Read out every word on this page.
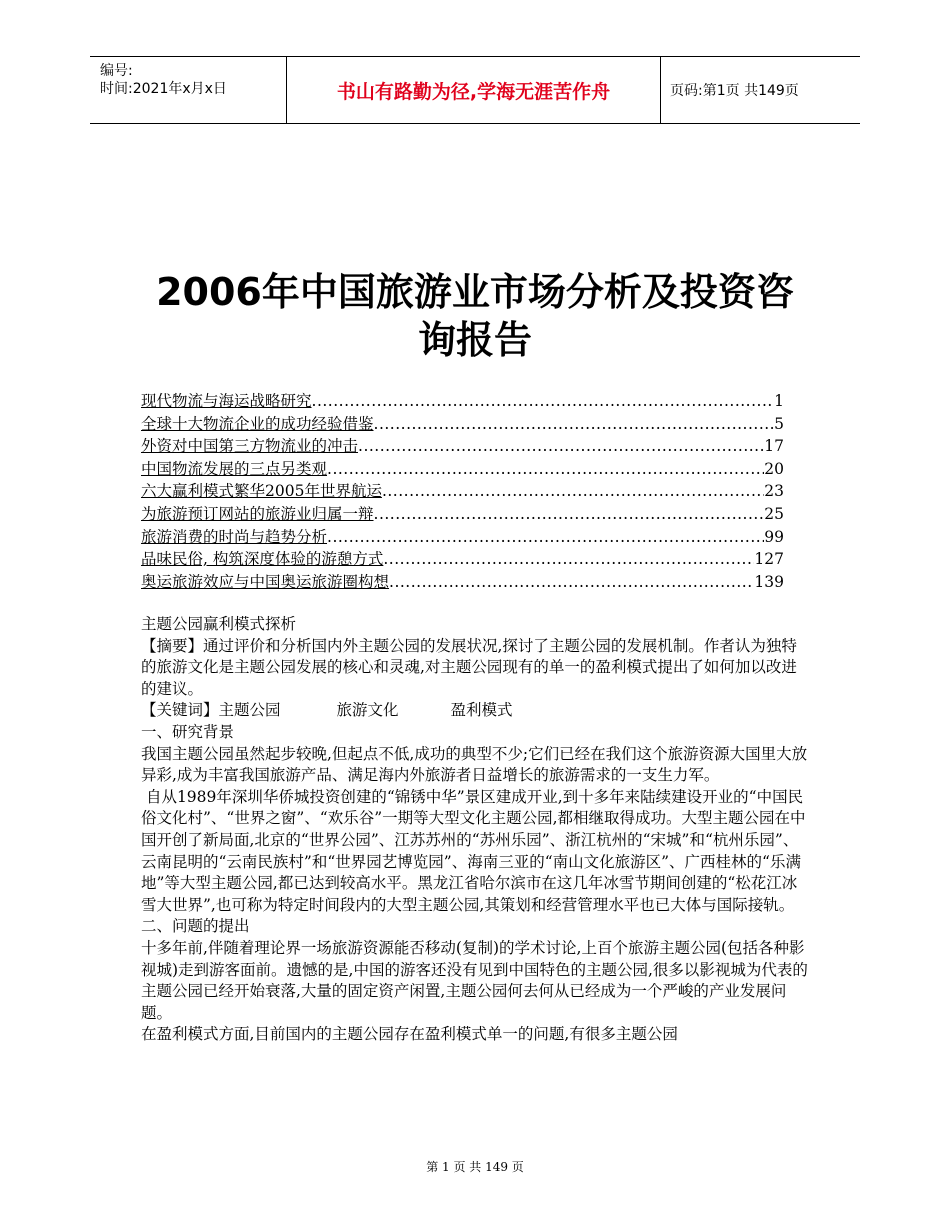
编号:
时间:2021年x月x日	书山有路勤为径,学海无涯苦作舟	页码:第1页 共149页
2006年中国旅游业市场分析及投资咨
询报告
现代物流与海运战略研究 .....	1
全球十大物流企业的成功经验借鉴 .....	5
外资对中国第三方物流业的冲击 .....	17
中国物流发展的三点另类观 .....	20
六大赢利模式繁华2005年世界航运 .....	23
为旅游预订网站的旅游业归属一辩 .....	25
旅游消费的时尚与趋势分析 .....	99
品味民俗, 构筑深度体验的游憩方式 .....	127
奥运旅游效应与中国奥运旅游圈构想 .....	139

主题公园赢利模式探析

【摘要】通过评价和分析国内外主题公园的发展状况,探讨了主题公园的发展机制。作者认为独特的旅游文化是主题公园发展的核心和灵魂,对主题公园现有的单一的盈利模式提出了如何加以改进的建议。

【关键词】主题公园	旅游文化	盈利模式

一、研究背景

我国主题公园虽然起步较晚,但起点不低,成功的典型不少;它们已经在我们这个旅游资源大国里大放异彩,成为丰富我国旅游产品、满足海内外旅游者日益增长的旅游需求的一支生力军。

自从1989年深圳华侨城投资创建的“锦锈中华”景区建成开业,到十多年来陆续建设开业的“中国民俗文化村”、“世界之窗”、“欢乐谷”一期等大型文化主题公园,都相继取得成功。大型主题公园在中国开创了新局面,北京的“世界公园”、江苏苏州的“苏州乐园”、浙江杭州的“宋城”和“杭州乐园”、云南昆明的“云南民族村”和“世界园艺博览园”、海南三亚的“南山文化旅游区”、广西桂林的“乐满地”等大型主题公园,都已达到较高水平。黑龙江省哈尔滨市在这几年冰雪节期间创建的“松花江冰雪大世界”,也可称为特定时间段内的大型主题公园,其策划和经营管理水平也已大体与国际接轨。

二、问题的提出

十多年前,伴随着理论界一场旅游资源能否移动(复制)的学术讨论,上百个旅游主题公园(包括各种影视城)走到游客面前。遗憾的是,中国的游客还没有见到中国特色的主题公园,很多以影视城为代表的主题公园已经开始衰落,大量的固定资产闲置,主题公园何去何从已经成为一个严峻的产业发展问题。

在盈利模式方面,目前国内的主题公园存在盈利模式单一的问题,有很多主题公园

第 1 页 共 149 页
